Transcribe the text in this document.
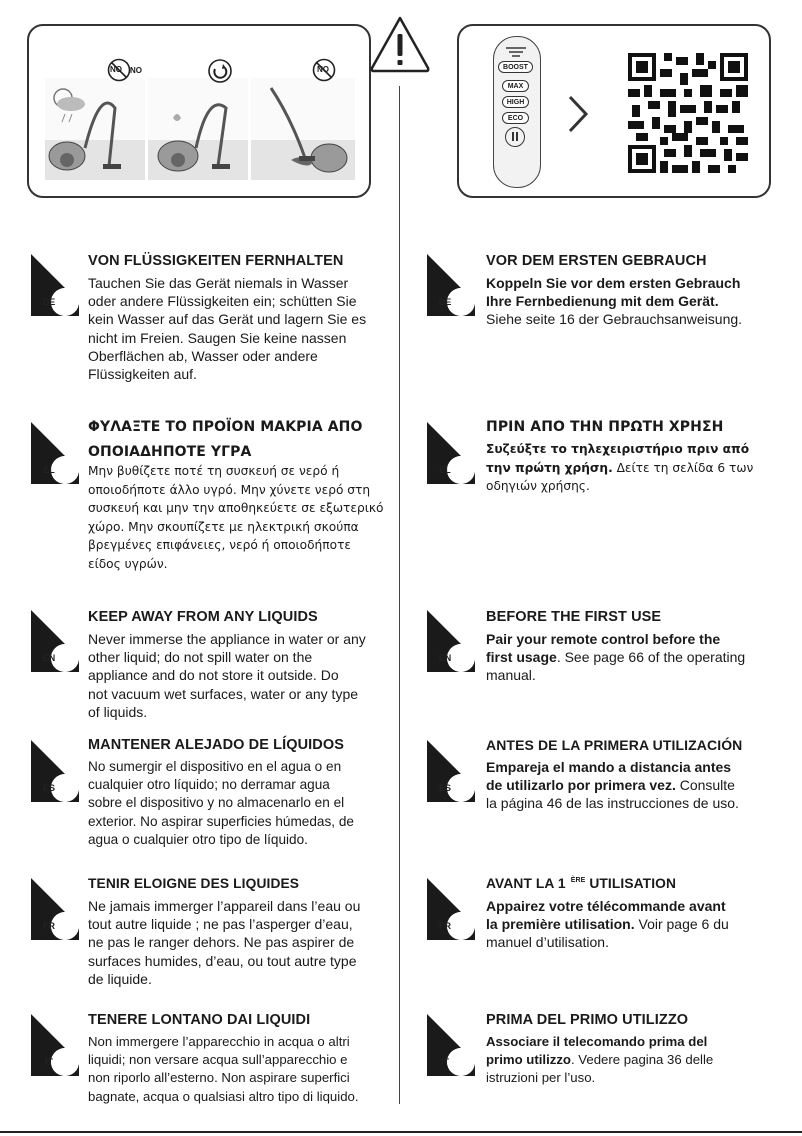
NO NO	NO	BOOST
MAX
HIGH
ECO
DE
VON FLÜSSIGKEITEN FERNHALTEN
Tauchen Sie das Gerät niemals in Wasser
oder andere Flüssigkeiten ein; schütten Sie
kein Wasser auf das Gerät und lagern Sie es
nicht im Freien. Saugen Sie keine nassen
Oberflächen ab, Wasser oder andere
Flüssigkeiten auf.
EL
ΦΥΛΑΞΤΕ ΤΟ ΠΡΟΪΟΝ ΜΑΚΡΙΑ ΑΠΟ
ΟΠΟΙΑΔΗΠΟΤΕ ΥΓΡΑ
Μην βυθίζετε ποτέ τη συσκευή σε νερό ή
οποιοδήποτε άλλο υγρό. Μην χύνετε νερό στη
συσκευή και μην την αποθηκεύετε σε εξωτερικό
χώρο. Μην σκουπίζετε με ηλεκτρική σκούπα
βρεγμένες επιφάνειες, νερό ή οποιοδήποτε
είδος υγρών.
EN
KEEP AWAY FROM ANY LIQUIDS
Never immerse the appliance in water or any
other liquid; do not spill water on the
appliance and do not store it outside. Do
not vacuum wet surfaces, water or any type
of liquids.
ES
MANTENER ALEJADO DE LÍQUIDOS
No sumergir el dispositivo en el agua o en
cualquier otro líquido; no derramar agua
sobre el dispositivo y no almacenarlo en el
exterior. No aspirar superficies húmedas, de
agua o cualquier otro tipo de líquido.
FR
TENIR ELOIGNE DES LIQUIDES
Ne jamais immerger l’appareil dans l’eau ou
tout autre liquide ; ne pas l’asperger d’eau,
ne pas le ranger dehors. Ne pas aspirer de
surfaces humides, d’eau, ou tout autre type
de liquide.
IT
TENERE LONTANO DAI LIQUIDI
Non immergere l’apparecchio in acqua o altri
liquidi; non versare acqua sull’apparecchio e
non riporlo all’esterno. Non aspirare superfici
bagnate, acqua o qualsiasi altro tipo di liquido.
DE
VOR DEM ERSTEN GEBRAUCH
Koppeln Sie vor dem ersten Gebrauch
Ihre Fernbedienung mit dem Gerät.
Siehe seite 16 der Gebrauchsanweisung.
EL
ΠΡΙΝ ΑΠΟ ΤΗΝ ΠΡΩΤΗ ΧΡΗΣΗ
Συζεύξτε το τηλεχειριστήριο πριν από
την πρώτη χρήση. Δείτε τη σελίδα 6 των
οδηγιών χρήσης.
EN
BEFORE THE FIRST USE
Pair your remote control before the
first usage. See page 66 of the operating
manual.
ES
ANTES DE LA PRIMERA UTILIZACIÓN
Empareja el mando a distancia antes
de utilizarlo por primera vez. Consulte
la página 46 de las instrucciones de uso.
FR
AVANT LA 1 $^{ÈRE}$ UTILISATION
Appairez votre télécommande avant
la première utilisation. Voir page 6 du
manuel d’utilisation.
IT
PRIMA DEL PRIMO UTILIZZO
Associare il telecomando prima del
primo utilizzo. Vedere pagina 36 delle
istruzioni per l’uso.
